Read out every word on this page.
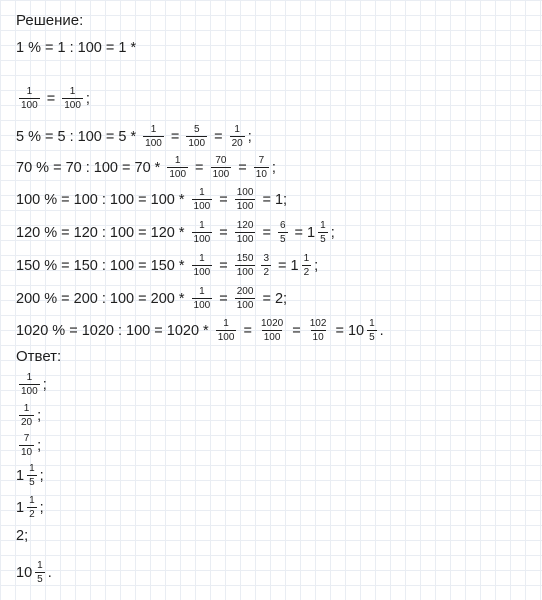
Решение:
1 % = 1 : 100 = 1 *
$\frac{1}{100} = \frac{1}{100}$ ;
5 % = 5 : $100 = 5 * \frac{1}{100} = \frac{5}{100} = \frac{1}{20}$ ;
70 % = 70 : $100 = 70 * \frac{1}{100} = \frac{70}{100} = \frac{7}{10}$ ;
100 % = 100 : $100 = 100 * \frac{1}{100} = \frac{100}{100} = 1$;
120 % = 120 : $100 = 120 * \frac{1}{100} = \frac{120}{100} = \frac{6}{5} = 1 \frac{1}{5}$ ;
150 % = 150 : $100 = 150 * \frac{1}{100} = \frac{150}{100} \frac{3}{2} = 1 \frac{1}{2}$ ;
200 % = 200 : $100 = 200 * \frac{1}{100} = \frac{200}{100} = 2$;
1020 % = 1020 : $100 = 1020 * \frac{1}{100} = \frac{1020}{100} = \frac{102}{10} = 10 \frac{1}{5}$ .
Ответ:
$\frac{1}{100}$ ;
$\frac{1}{20}$ ;
$\frac{7}{10}$ ;
$1 \frac{1}{5}$ ;
$1 \frac{1}{2}$ ;
2;
$10 \frac{1}{5}$ .
